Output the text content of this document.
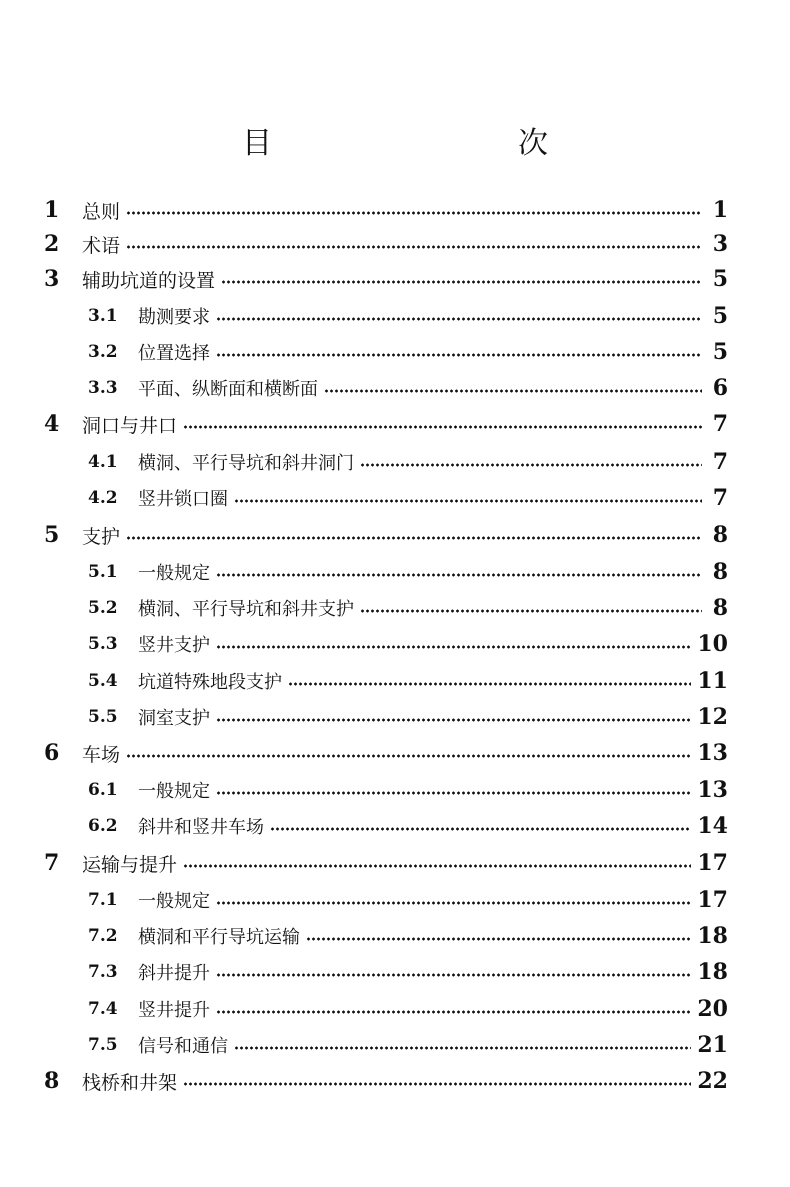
目　　次
1	总则	1
2	术语	3
3	辅助坑道的设置	5
3.1	勘测要求	5
3.2	位置选择	5
3.3	平面、纵断面和横断面	6
4	洞口与井口	7
4.1	横洞、平行导坑和斜井洞门	7
4.2	竖井锁口圈	7
5	支护	8
5.1	一般规定	8
5.2	横洞、平行导坑和斜井支护	8
5.3	竖井支护	10
5.4	坑道特殊地段支护	11
5.5	洞室支护	12
6	车场	13
6.1	一般规定	13
6.2	斜井和竖井车场	14
7	运输与提升	17
7.1	一般规定	17
7.2	横洞和平行导坑运输	18
7.3	斜井提升	18
7.4	竖井提升	20
7.5	信号和通信	21
8	栈桥和井架	22
